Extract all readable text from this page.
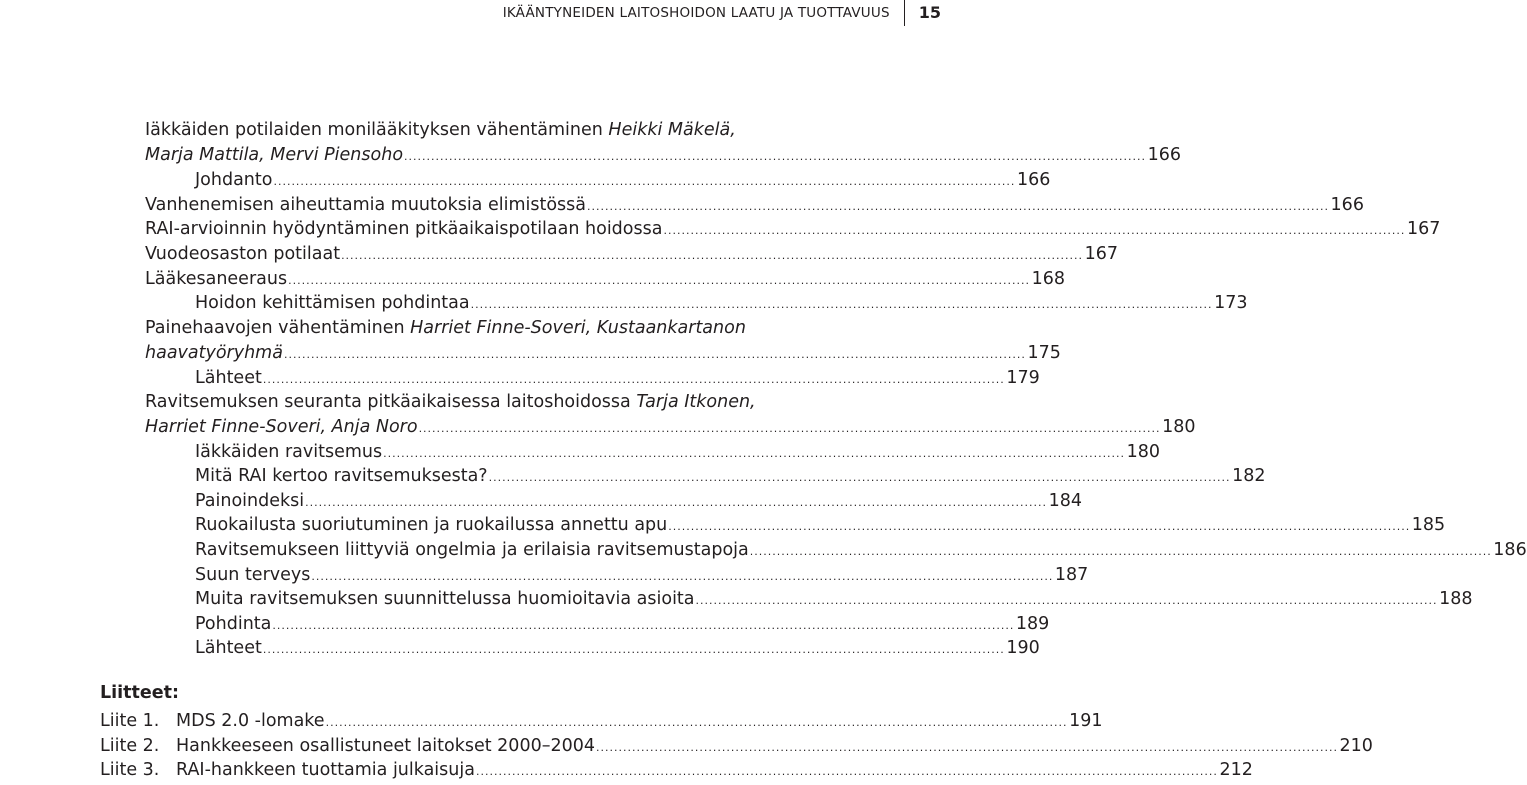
IKÄÄNTYNEIDEN LAITOSHOIDON LAATU JA TUOTTAVUUS	15
Iäkkäiden potilaiden monilääkityksen vähentäminen Heikki Mäkelä,
Marja Mattila, Mervi Piensoho ..................................................................................................................................................................... 166
Johdanto ..................................................................................................................................................................... 166
Vanhenemisen aiheuttamia muutoksia elimistössä ..................................................................................................................................................................... 166
RAI-arvioinnin hyödyntäminen pitkäaikaispotilaan hoidossa ..................................................................................................................................................................... 167
Vuodeosaston potilaat ..................................................................................................................................................................... 167
Lääkesaneeraus ..................................................................................................................................................................... 168
Hoidon kehittämisen pohdintaa ..................................................................................................................................................................... 173
Painehaavojen vähentäminen Harriet Finne-Soveri, Kustaankartanon
haavatyöryhmä ..................................................................................................................................................................... 175
Lähteet ..................................................................................................................................................................... 179
Ravitsemuksen seuranta pitkäaikaisessa laitoshoidossa Tarja Itkonen,
Harriet Finne-Soveri, Anja Noro ..................................................................................................................................................................... 180
Iäkkäiden ravitsemus ..................................................................................................................................................................... 180
Mitä RAI kertoo ravitsemuksesta? ..................................................................................................................................................................... 182
Painoindeksi ..................................................................................................................................................................... 184
Ruokailusta suoriutuminen ja ruokailussa annettu apu ..................................................................................................................................................................... 185
Ravitsemukseen liittyviä ongelmia ja erilaisia ravitsemustapoja ..................................................................................................................................................................... 186
Suun terveys ..................................................................................................................................................................... 187
Muita ravitsemuksen suunnittelussa huomioitavia asioita ..................................................................................................................................................................... 188
Pohdinta ..................................................................................................................................................................... 189
Lähteet ..................................................................................................................................................................... 190
Liitteet:
Liite 1. MDS 2.0 -lomake ..................................................................................................................................................................... 191
Liite 2. Hankkeeseen osallistuneet laitokset 2000–2004 ..................................................................................................................................................................... 210
Liite 3. RAI-hankkeen tuottamia julkaisuja ..................................................................................................................................................................... 212
